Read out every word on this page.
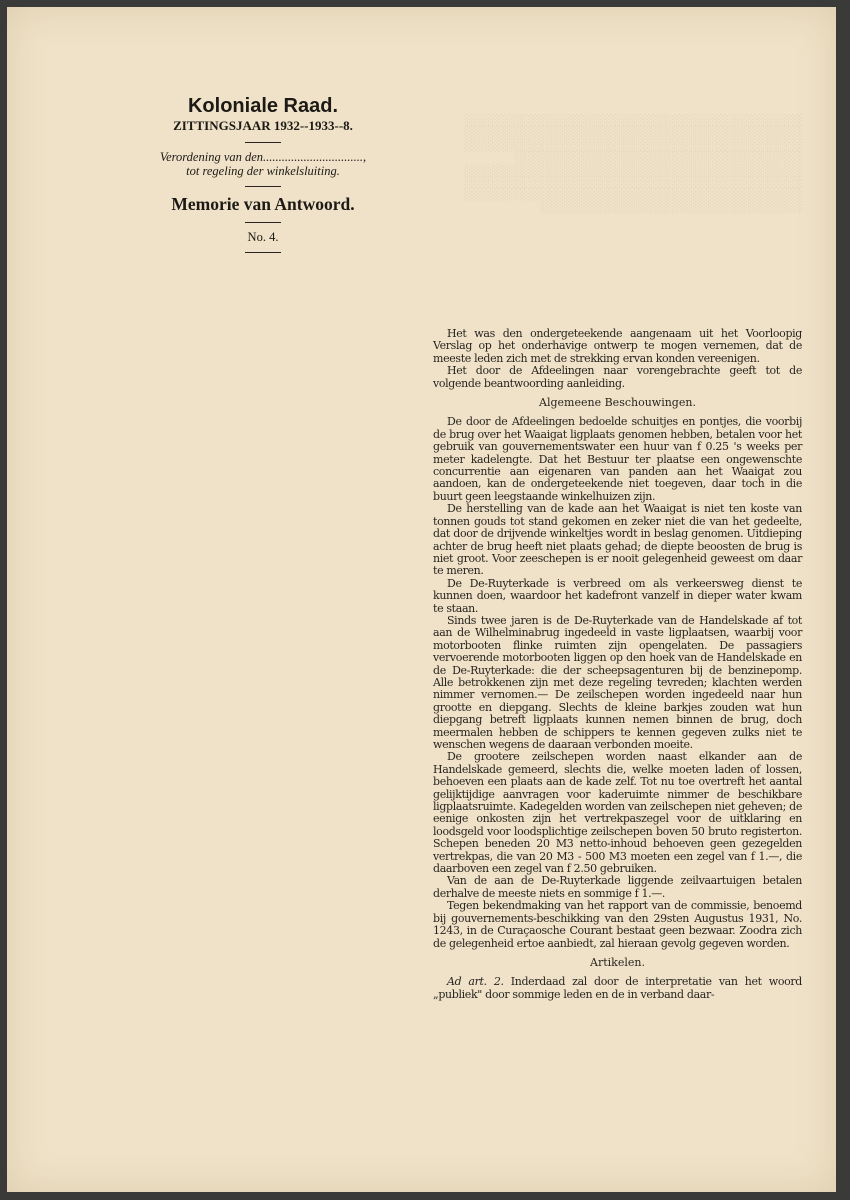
Koloniale Raad.
ZITTINGSJAAR 1932--1933--8.
Verordening van den................................,
tot regeling der winkelsluiting.
Memorie van Antwoord.
No. 4.
░░░░░░░░░░░░░░░░░░░░░░░░░░░░░░░░░░░░░░░░
░░░░░░░░░░░░░░░░░░░░░░░░░░░░░░░░░░░░░░░░
░░░░░░░░░░░░░░░░░░░░░░░░░░░░░░░░░░░░░░░░
░░░░░░░░░░░░░░░░░░░░░░░░░░░░░░░░░░
░░░░░░░░░░░░░░░░░░░░░░░░░░░░░░░░░░░░░░░░
░░░░░░░░░░░░░░░░░░░░░░░░░░░░░░░░░░░░░░░░
░░░░░░░░░░░░░░░░░░░░░░░░░░░░░░░░░░░░░░░░
░░░░░░░░░░░░░░░░░░░░░░░░░░░░░░░

Het was den ondergeteekende aangenaam uit het Voorloopig Verslag op het onderhavige ontwerp te mogen vernemen, dat de meeste leden zich met de strekking ervan konden vereenigen.

Het door de Afdeelingen naar vorengebrachte geeft tot de volgende beantwoording aanleiding.

Algemeene Beschouwingen.

De door de Afdeelingen bedoelde schuitjes en pontjes, die voorbij de brug over het Waaigat ligplaats genomen hebben, betalen voor het gebruik van gouvernementswater een huur van f 0.25 's weeks per meter kadelengte. Dat het Bestuur ter plaatse een ongewenschte concurrentie aan eigenaren van panden aan het Waaigat zou aandoen, kan de ondergeteekende niet toegeven, daar toch in die buurt geen leegstaande winkelhuizen zijn.

De herstelling van de kade aan het Waaigat is niet ten koste van tonnen gouds tot stand gekomen en zeker niet die van het gedeelte, dat door de drijvende winkeltjes wordt in beslag genomen. Uitdieping achter de brug heeft niet plaats gehad; de diepte beoosten de brug is niet groot. Voor zeeschepen is er nooit gelegenheid geweest om daar te meren.

De De-Ruyterkade is verbreed om als verkeersweg dienst te kunnen doen, waardoor het kadefront vanzelf in dieper water kwam te staan.

Sinds twee jaren is de De-Ruyterkade van de Handelskade af tot aan de Wilhelminabrug ingedeeld in vaste ligplaatsen, waarbij voor motorbooten flinke ruimten zijn opengelaten. De passagiers vervoerende motorbooten liggen op den hoek van de Handelskade en de De-Ruyterkade: die der scheepsagenturen bij de benzinepomp. Alle betrokkenen zijn met deze regeling tevreden; klachten werden nimmer vernomen.— De zeilschepen worden ingedeeld naar hun grootte en diepgang. Slechts de kleine barkjes zouden wat hun diepgang betreft ligplaats kunnen nemen binnen de brug, doch meermalen hebben de schippers te kennen gegeven zulks niet te wenschen wegens de daaraan verbonden moeite.

De grootere zeilschepen worden naast elkander aan de Handelskade gemeerd, slechts die, welke moeten laden of lossen, behoeven een plaats aan de kade zelf. Tot nu toe overtreft het aantal gelijktijdige aanvragen voor kaderuimte nimmer de beschikbare ligplaatsruimte. Kadegelden worden van zeilschepen niet geheven; de eenige onkosten zijn het vertrekpaszegel voor de uitklaring en loodsgeld voor loodsplichtige zeilschepen boven 50 bruto registerton. Schepen beneden 20 M3 netto-inhoud behoeven geen gezegelden vertrekpas, die van 20 M3 - 500 M3 moeten een zegel van f 1.—, die daarboven een zegel van f 2.50 gebruiken.

Van de aan de De-Ruyterkade liggende zeilvaartuigen betalen derhalve de meeste niets en sommige f 1.—.

Tegen bekendmaking van het rapport van de commissie, benoemd bij gouvernements-beschikking van den 29sten Augustus 1931, No. 1243, in de Curaçaosche Courant bestaat geen bezwaar. Zoodra zich de gelegenheid ertoe aanbiedt, zal hieraan gevolg gegeven worden.

Artikelen.

Ad art. 2. Inderdaad zal door de interpretatie van het woord „publiek" door sommige leden en de in verband daar-
